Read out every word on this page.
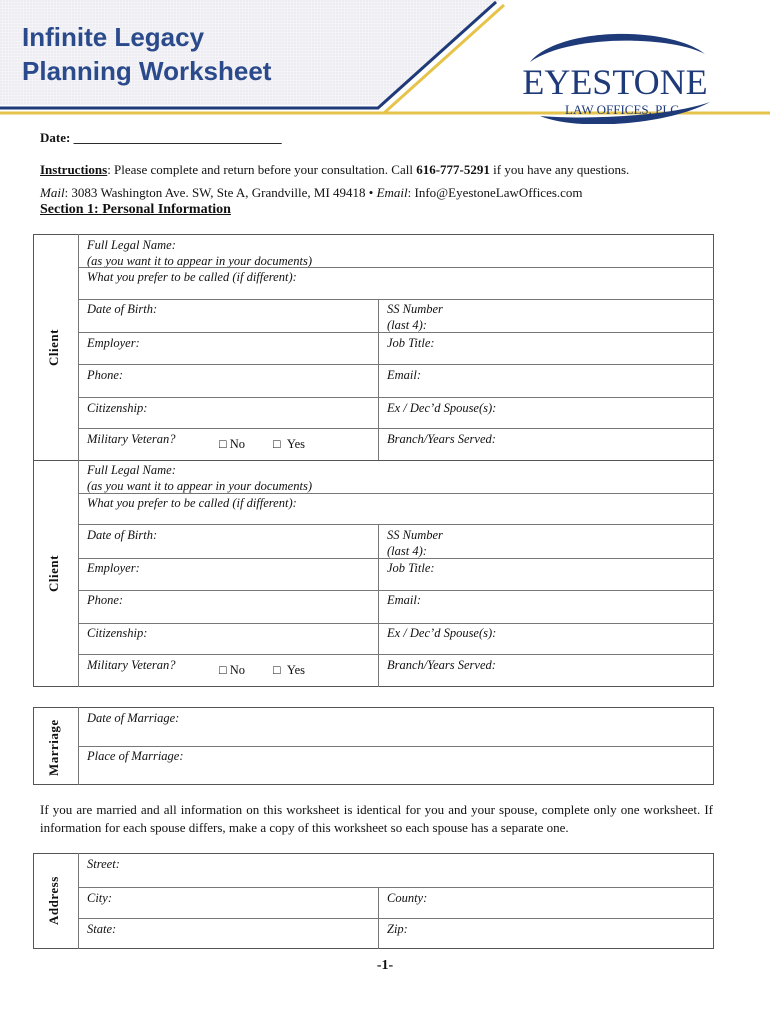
Infinite Legacy
Planning Worksheet	EYESTONE
LAW OFFICES, PLC
Date: ________________________________
Instructions: Please complete and return before your consultation. Call 616-777-5291 if you have any questions.
Mail: 3083 Washington Ave. SW, Ste A, Grandville, MI 49418 • Email: Info@EyestoneLawOffices.com
Section 1: Personal Information
Client
Full Legal Name:
(as you want it to appear in your documents)
What you prefer to be called (if different):
Date of Birth:	SS Number
(last 4):
Employer:	Job Title:
Phone:	Email:
Citizenship:	Ex / Dec’d Spouse(s):
Military Veteran?	□ No □  Yes	Branch/Years Served:
Client
Full Legal Name:
(as you want it to appear in your documents)
What you prefer to be called (if different):
Date of Birth:	SS Number
(last 4):
Employer:	Job Title:
Phone:	Email:
Citizenship:	Ex / Dec’d Spouse(s):
Military Veteran?	□ No □  Yes	Branch/Years Served:
Marriage
Date of Marriage:
Place of Marriage:
If you are married and all information on this worksheet is identical for you and your spouse, complete only one worksheet. If information for each spouse differs, make a copy of this worksheet so each spouse has a separate one.
Address
Street:
City:	County:
State:	Zip:
-1-
